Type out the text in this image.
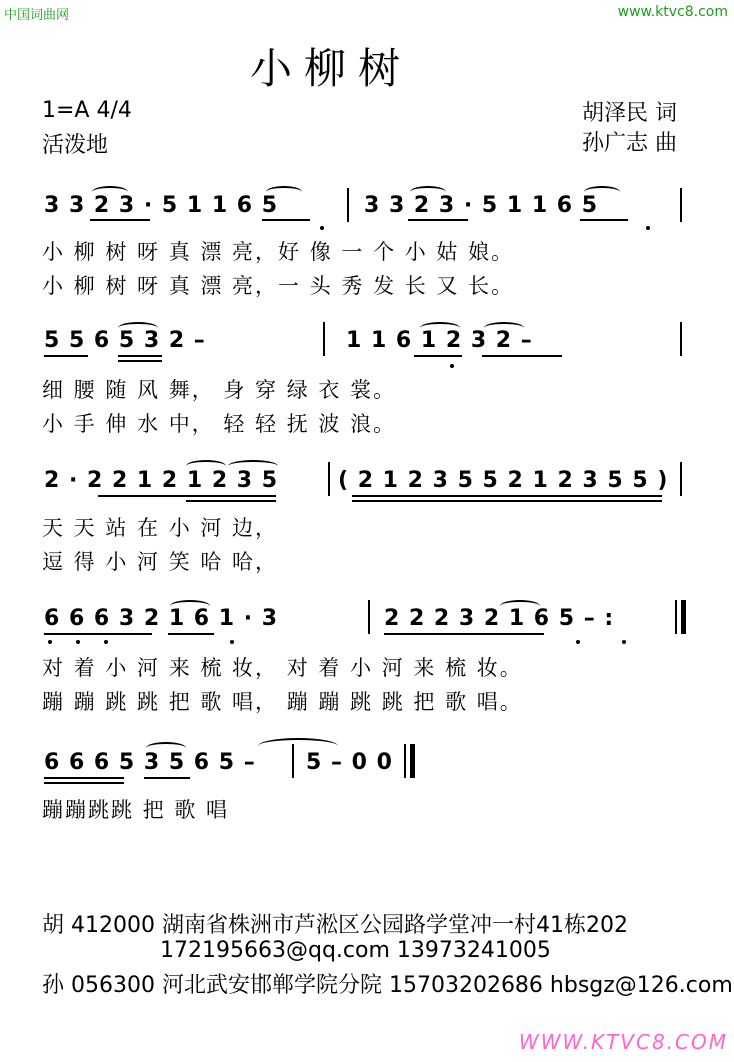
中国词曲网	www.ktvc8.com
小柳树
1=A 4/4
活泼地
胡泽民 词
孙广志 曲
3 3 2 3 · 5 1 1 6 5	3 3 2 3 · 5 1 1 6 5
小 柳 树 呀 真 漂 亮，好 像 一 个 小 姑 娘。
小 柳 树 呀 真 漂 亮，一 头 秀 发 长 又 长。
5 5 6 5 3 2 –	1 1 6 1 2 3 2 –
细 腰 随 风 舞， 身 穿 绿 衣 裳。
小 手 伸 水 中， 轻 轻 抚 波 浪。
2 · 2 2 1 2 1 2 3 5	( 2 1 2 3 5 5 2 1 2 3 5 5 )
天 天 站 在 小 河 边，
逗 得 小 河 笑 哈 哈，
6 6 6 3 2 1 6 1 · 3	2 2 2 3 2 1 6 5 – :
对 着 小 河 来 梳 妆， 对 着 小 河 来 梳 妆。
蹦 蹦 跳 跳 把 歌 唱， 蹦 蹦 跳 跳 把 歌 唱。
6 6 6 5 3 5 6 5 – 5 – 0 0
蹦蹦跳跳 把 歌 唱
胡 412000 湖南省株洲市芦淞区公园路学堂冲一村41栋202
172195663@qq.com 13973241005
孙 056300 河北武安邯郸学院分院 15703202686 hbsgz@126.com
WWW.KTVC8.COM
